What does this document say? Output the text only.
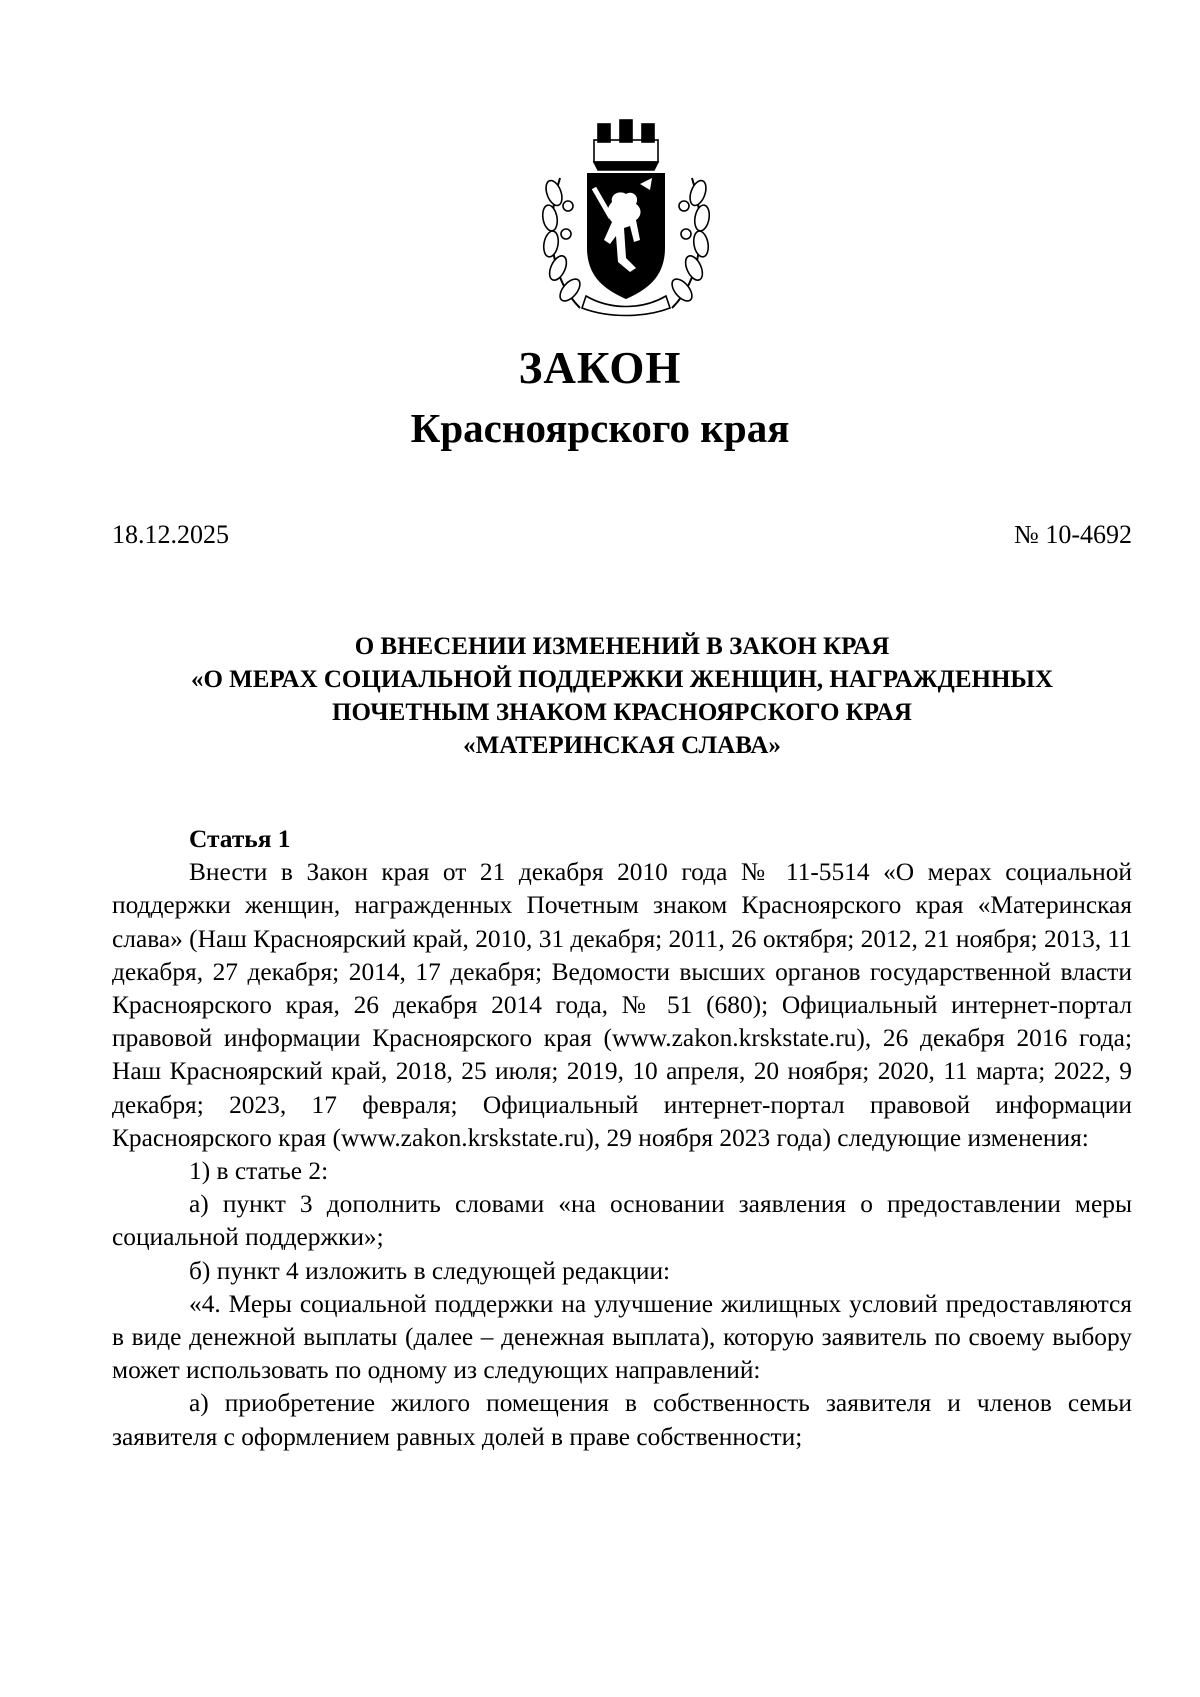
ЗАКОН
Красноярского края
18.12.2025	№ 10-4692
О ВНЕСЕНИИ ИЗМЕНЕНИЙ В ЗАКОН КРАЯ
«О МЕРАХ СОЦИАЛЬНОЙ ПОДДЕРЖКИ ЖЕНЩИН, НАГРАЖДЕННЫХ
ПОЧЕТНЫМ ЗНАКОМ КРАСНОЯРСКОГО КРАЯ
«МАТЕРИНСКАЯ СЛАВА»
Статья 1

Внести в Закон края от 21 декабря 2010 года № 11-5514 «О мерах социальной поддержки женщин, награжденных Почетным знаком Красноярского края «Материнская слава» (Наш Красноярский край, 2010, 31 декабря; 2011, 26 октября; 2012, 21 ноября; 2013, 11 декабря, 27 декабря; 2014, 17 декабря; Ведомости высших органов государственной власти Красноярского края, 26 декабря 2014 года, № 51 (680); Официальный интернет-портал правовой информации Красноярского края (www.zakon.krskstate.ru), 26 декабря 2016 года; Наш Красноярский край, 2018, 25 июля; 2019, 10 апреля, 20 ноября; 2020, 11 марта; 2022, 9 декабря; 2023, 17 февраля; Официальный интернет-портал правовой информации Красноярского края (www.zakon.krskstate.ru), 29 ноября 2023 года) следующие изменения:

1) в статье 2:

а) пункт 3 дополнить словами «на основании заявления о предоставлении меры социальной поддержки»;

б) пункт 4 изложить в следующей редакции:

«4. Меры социальной поддержки на улучшение жилищных условий предоставляются в виде денежной выплаты (далее – денежная выплата), которую заявитель по своему выбору может использовать по одному из следующих направлений:

а) приобретение жилого помещения в собственность заявителя и членов семьи заявителя с оформлением равных долей в праве собственности;
